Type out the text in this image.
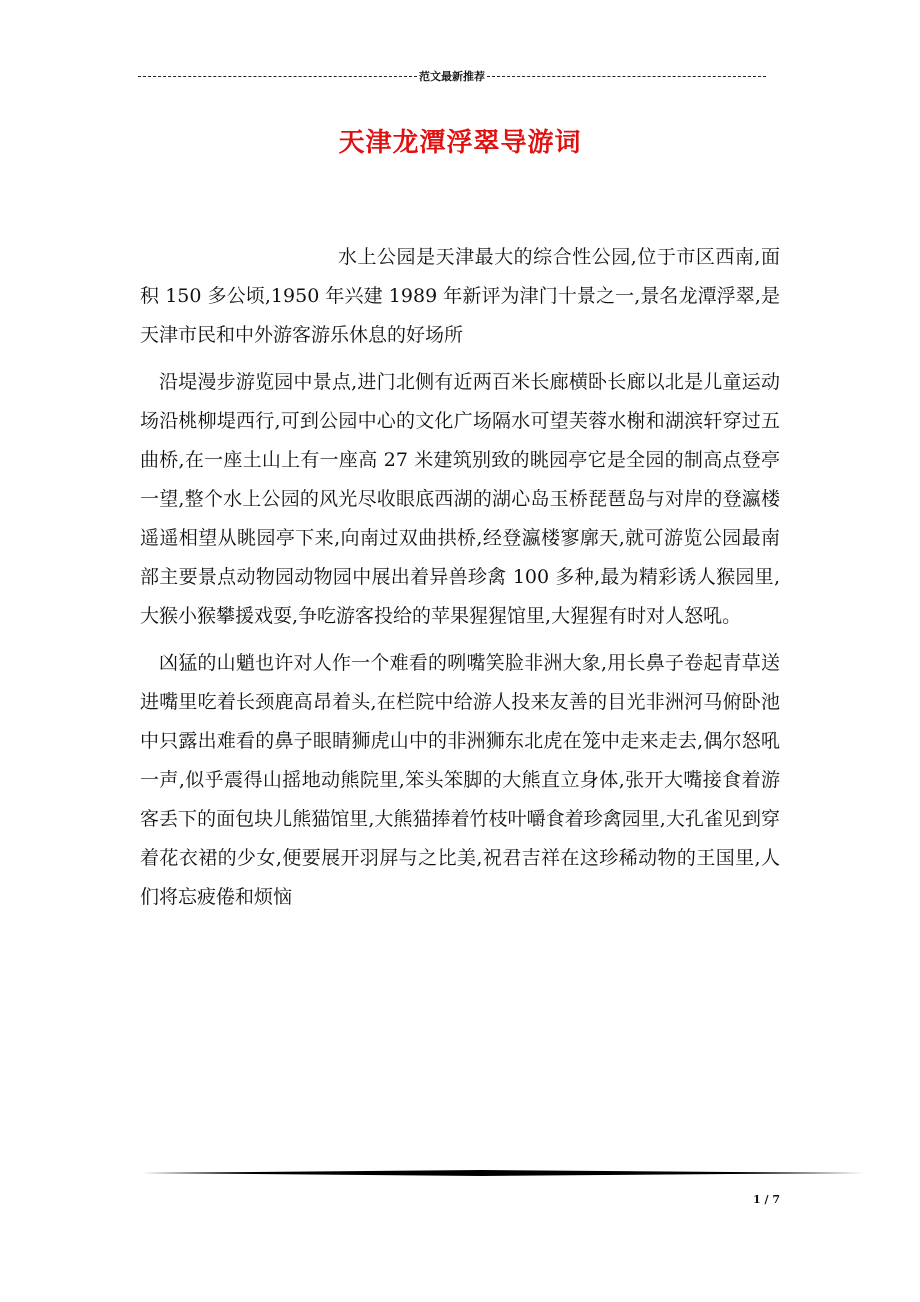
范文最新推荐
天津龙潭浮翠导游词

水上公园是天津最大的综合性公园,位于市区西南,面积 150 多公顷,1950 年兴建 1989 年新评为津门十景之一,景名龙潭浮翠,是天津市民和中外游客游乐休息的好场所

沿堤漫步游览园中景点,进门北侧有近两百米长廊横卧长廊以北是儿童运动场沿桃柳堤西行,可到公园中心的文化广场隔水可望芙蓉水榭和湖滨轩穿过五曲桥,在一座土山上有一座高 27 米建筑别致的眺园亭它是全园的制高点登亭一望,整个水上公园的风光尽收眼底西湖的湖心岛玉桥琵琶岛与对岸的登瀛楼遥遥相望从眺园亭下来,向南过双曲拱桥,经登瀛楼寥廓天,就可游览公园最南部主要景点动物园动物园中展出着异兽珍禽 100 多种,最为精彩诱人猴园里,大猴小猴攀援戏耍,争吃游客投给的苹果猩猩馆里,大猩猩有时对人怒吼。

凶猛的山魈也许对人作一个难看的咧嘴笑脸非洲大象,用长鼻子卷起青草送进嘴里吃着长颈鹿高昂着头,在栏院中给游人投来友善的目光非洲河马俯卧池中只露出难看的鼻子眼睛狮虎山中的非洲狮东北虎在笼中走来走去,偶尔怒吼一声,似乎震得山摇地动熊院里,笨头笨脚的大熊直立身体,张开大嘴接食着游客丢下的面包块儿熊猫馆里,大熊猫捧着竹枝叶嚼食着珍禽园里,大孔雀见到穿着花衣裙的少女,便要展开羽屏与之比美,祝君吉祥在这珍稀动物的王国里,人们将忘疲倦和烦恼

1 / 7
